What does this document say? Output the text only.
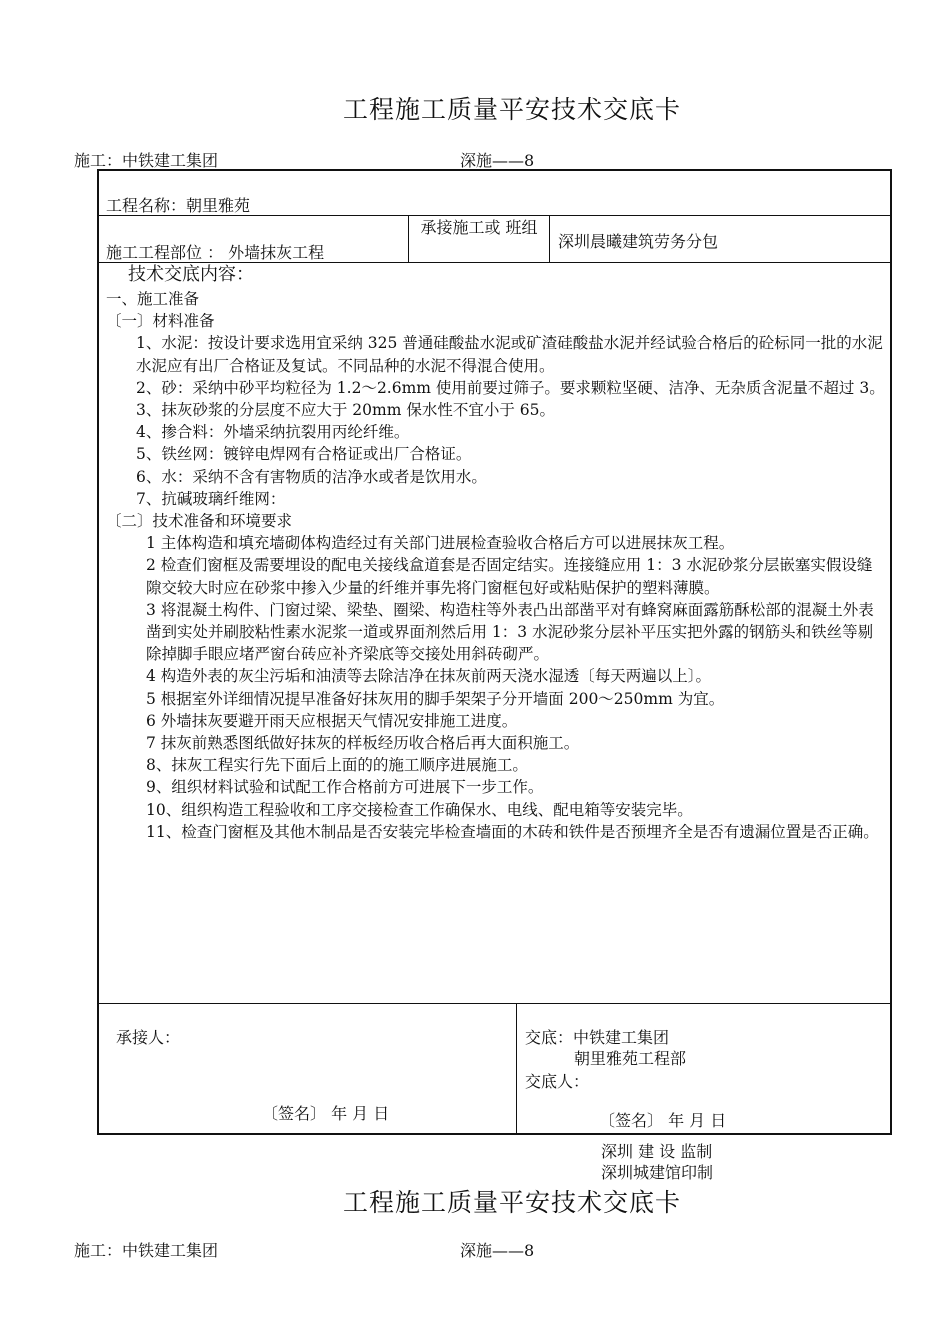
工程施工质量平安技术交底卡
施工：中铁建工集团	深施——8
工程名称：朝里雅苑
施工工程部位 ： 外墙抹灰工程
承接施工或 班组
深圳晨曦建筑劳务分包

技术交底内容：

一、施工准备

〔一〕材料准备

1、水泥：按设计要求选用宜采纳 325 普通硅酸盐水泥或矿渣硅酸盐水泥并经试验合格后的砼标同一批的水泥水泥应有出厂合格证及复试。不同品种的水泥不得混合使用。

2、砂：采纳中砂平均粒径为 1.2～2.6mm 使用前要过筛子。要求颗粒坚硬、洁净、无杂质含泥量不超过 3。

3、抹灰砂浆的分层度不应大于 20mm 保水性不宜小于 65。

4、掺合料：外墙采纳抗裂用丙纶纤维。

5、铁丝网：镀锌电焊网有合格证或出厂合格证。

6、水：采纳不含有害物质的洁净水或者是饮用水。

7、抗碱玻璃纤维网：

〔二〕技术准备和环境要求

1 主体构造和填充墙砌体构造经过有关部门进展检查验收合格后方可以进展抹灰工程。

2 检查们窗框及需要埋设的配电关接线盒道套是否固定结实。连接缝应用 1：3 水泥砂浆分层嵌塞实假设缝隙交较大时应在砂浆中掺入少量的纤维并事先将门窗框包好或粘贴保护的塑料薄膜。

3 将混凝土构件、门窗过梁、梁垫、圈梁、构造柱等外表凸出部凿平对有蜂窝麻面露筋酥松部的混凝土外表凿到实处并刷胶粘性素水泥浆一道或界面剂然后用 1：3 水泥砂浆分层补平压实把外露的钢筋头和铁丝等剔除掉脚手眼应堵严窗台砖应补齐梁底等交接处用斜砖砌严。

4 构造外表的灰尘污垢和油渍等去除洁净在抹灰前两天浇水湿透〔每天两遍以上〕。

5 根据室外详细情况提早准备好抹灰用的脚手架架子分开墙面 200～250mm 为宜。

6 外墙抹灰要避开雨天应根据天气情况安排施工进度。

7 抹灰前熟悉图纸做好抹灰的样板经历收合格后再大面积施工。

8、抹灰工程实行先下面后上面的的施工顺序进展施工。

9、组织材料试验和试配工作合格前方可进展下一步工作。

10、组织构造工程验收和工序交接检查工作确保水、电线、配电箱等安装完毕。

11、检查门窗框及其他木制品是否安装完毕检查墙面的木砖和铁件是否预埋齐全是否有遗漏位置是否正确。

承接人：
〔签名〕 年 月 日
交底：中铁建工集团
朝里雅苑工程部
交底人：
〔签名〕 年 月 日
深圳 建 设 监制
深圳城建馆印制
工程施工质量平安技术交底卡
施工：中铁建工集团	深施——8
